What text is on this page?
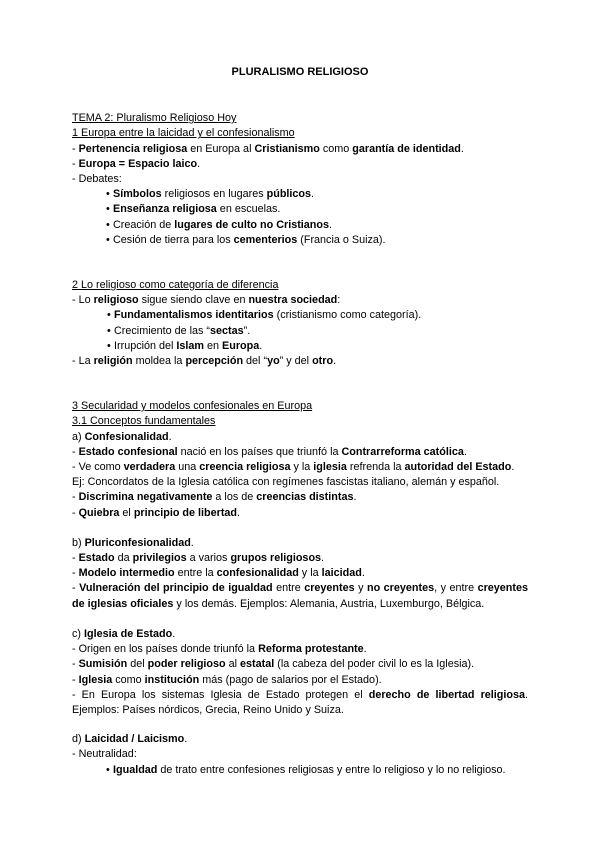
PLURALISMO RELIGIOSO
TEMA 2: Pluralismo Religioso Hoy
1 Europa entre la laicidad y el confesionalismo
- Pertenencia religiosa en Europa al Cristianismo como garantía de identidad.
- Europa = Espacio laico.
- Debates:
• Símbolos religiosos en lugares públicos.
• Enseñanza religiosa en escuelas.
• Creación de lugares de culto no Cristianos.
• Cesión de tierra para los cementerios (Francia o Suiza).
2 Lo religioso como categoría de diferencia
- Lo religioso sigue siendo clave en nuestra sociedad:
• Fundamentalismos identitarios (cristianismo como categoría).
• Crecimiento de las “sectas”.
• Irrupción del Islam en Europa.
- La religión moldea la percepción del “yo” y del otro.
3 Secularidad y modelos confesionales en Europa
3.1 Conceptos fundamentales
a) Confesionalidad.
- Estado confesional nació en los países que triunfó la Contrarreforma católica.
- Ve como verdadera una creencia religiosa y la iglesia refrenda la autoridad del Estado.
Ej: Concordatos de la Iglesia católica con regímenes fascistas italiano, alemán y español.
- Discrimina negativamente a los de creencias distintas.
- Quiebra el principio de libertad.
b) Pluriconfesionalidad.
- Estado da privilegios a varios grupos religiosos.
- Modelo intermedio entre la confesionalidad y la laicidad.
- Vulneración del principio de igualdad entre creyentes y no creyentes, y entre creyentes de iglesias oficiales y los demás. Ejemplos: Alemania, Austria, Luxemburgo, Bélgica.
c) Iglesia de Estado.
- Origen en los países donde triunfó la Reforma protestante.
- Sumisión del poder religioso al estatal (la cabeza del poder civil lo es la Iglesia).
- Iglesia como institución más (pago de salarios por el Estado).
- En Europa los sistemas Iglesia de Estado protegen el derecho de libertad religiosa. Ejemplos: Países nórdicos, Grecia, Reino Unido y Suiza.
d) Laicidad / Laicismo.
- Neutralidad:
• Igualdad de trato entre confesiones religiosas y entre lo religioso y lo no religioso.
